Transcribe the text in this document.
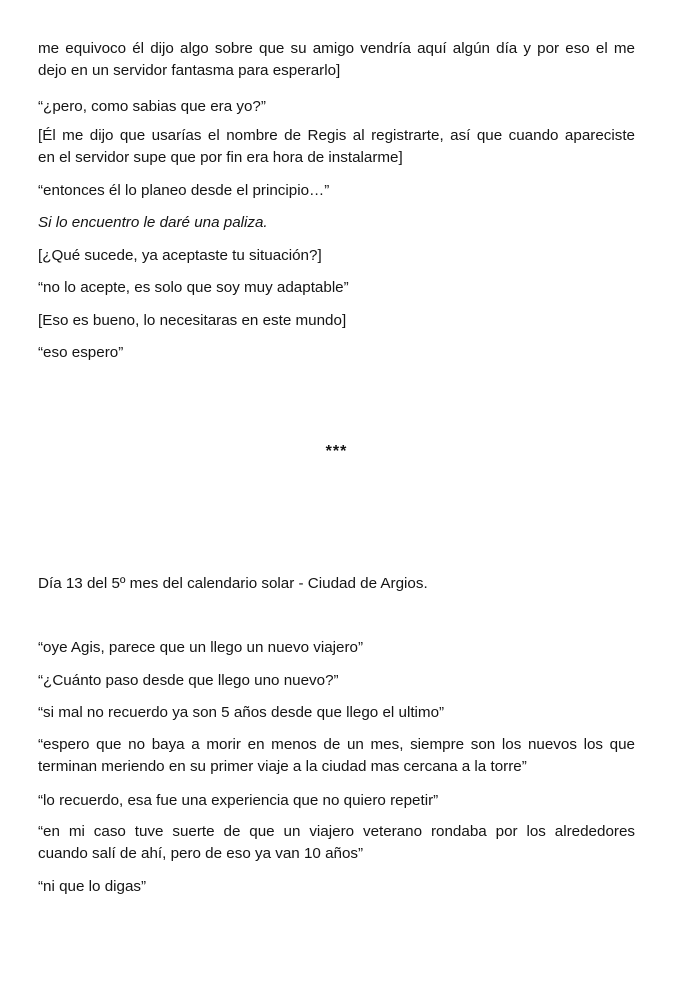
me equivoco él dijo algo sobre que su amigo vendría aquí algún día y por eso el me
dejo en un servidor fantasma para esperarlo]

“¿pero, como sabias que era yo?”

[Él me dijo que usarías el nombre de Regis al registrarte, así que cuando apareciste
en el servidor supe que por fin era hora de instalarme]

“entonces él lo planeo desde el principio…”

Si lo encuentro le daré una paliza.

[¿Qué sucede, ya aceptaste tu situación?]

“no lo acepte, es solo que soy muy adaptable”

[Eso es bueno, lo necesitaras en este mundo]

“eso espero”

***

Día 13 del 5º mes del calendario solar - Ciudad de Argios.

“oye Agis, parece que un llego un nuevo viajero”

“¿Cuánto paso desde que llego uno nuevo?”

“si mal no recuerdo ya son 5 años desde que llego el ultimo”

“espero que no baya a morir en menos de un mes, siempre son los nuevos los que
terminan meriendo en su primer viaje a la ciudad mas cercana a la torre”

“lo recuerdo, esa fue una experiencia que no quiero repetir”

“en mi caso tuve suerte de que un viajero veterano rondaba por los alrededores
cuando salí de ahí, pero de eso ya van 10 años”

“ni que lo digas”
